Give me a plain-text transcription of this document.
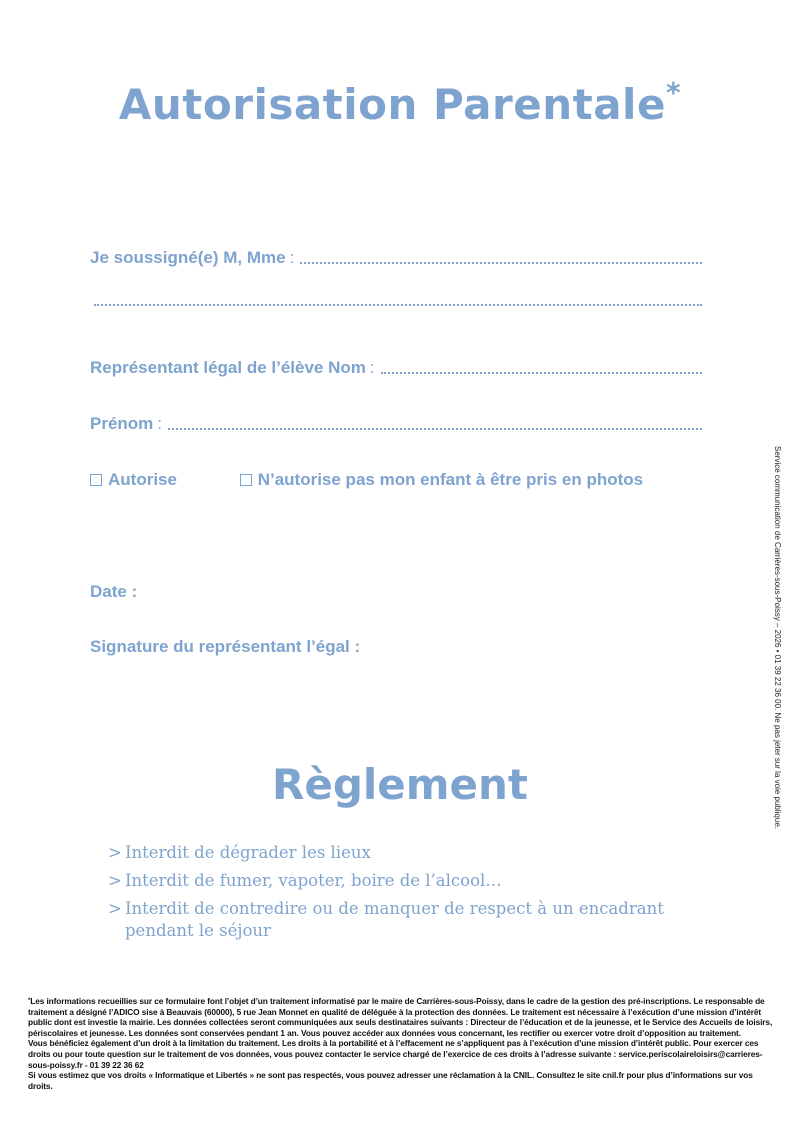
Autorisation Parentale*
Je soussigné(e) M, Mme :
Représentant légal de l’élève Nom :
Prénom :
Autorise	N’autorise pas mon enfant à être pris en photos
Date :
Signature du représentant l’égal :
Règlement
> Interdit de dégrader les lieux
> Interdit de fumer, vapoter, boire de l’alcool…
> Interdit de contredire ou de manquer de respect à un encadrant pendant le séjour
Service communication de Carrières-sous-Poissy – 2026 • 01 39 22 36 00. Ne pas jeter sur la voie publique.

*Les informations recueillies sur ce formulaire font l’objet d’un traitement informatisé par le maire de Carrières-sous-Poissy, dans le cadre de la gestion des pré-inscriptions. Le responsable de traitement a désigné l’ADICO sise à Beauvais (60000), 5 rue Jean Monnet en qualité de déléguée à la protection des données. Le traitement est nécessaire à l’exécution d’une mission d’intérêt public dont est investie la mairie. Les données collectées seront communiquées aux seuls destinataires suivants : Directeur de l’éducation et de la jeunesse, et le Service des Accueils de loisirs, périscolaires et jeunesse. Les données sont conservées pendant 1 an. Vous pouvez accéder aux données vous concernant, les rectifier ou exercer votre droit d’opposition au traitement.

Vous bénéficiez également d’un droit à la limitation du traitement. Les droits à la portabilité et à l’effacement ne s’appliquent pas à l’exécution d’une mission d’intérêt public. Pour exercer ces droits ou pour toute question sur le traitement de vos données, vous pouvez contacter le service chargé de l’exercice de ces droits à l’adresse suivante : service.periscolaireloisirs@carrieres-sous-poissy.fr - 01 39 22 36 62

Si vous estimez que vos droits « Informatique et Libertés » ne sont pas respectés, vous pouvez adresser une réclamation à la CNIL. Consultez le site cnil.fr pour plus d’informations sur vos droits.
